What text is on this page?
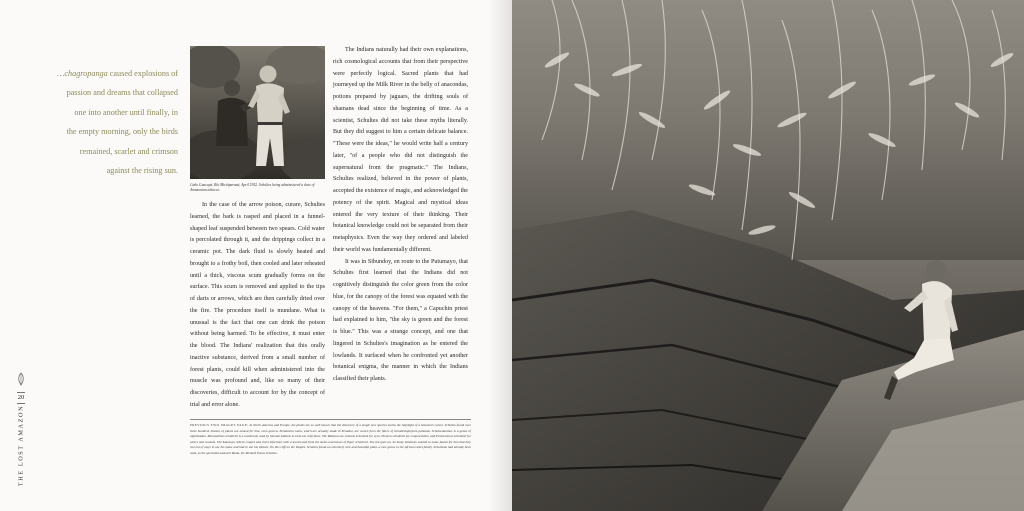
…chagropanga caused explosions of
passion and dreams that collapsed
one into another until finally, in
the empty morning, only the birds
remained, scarlet and crimson
against the rising sun.
Caño Guacayá, Río Miritiparaná, April 1952. Schultes being administered a dose of Amazonian tobacco.

In the case of the arrow poison, curare, Schultes learned, the bark is rasped and placed in a funnel-shaped leaf suspended between two spears. Cold water is percolated through it, and the drippings collect in a ceramic pot. The dark fluid is slowly heated and brought to a frothy boil, then cooled and later reheated until a thick, viscous scum gradually forms on the surface. This scum is removed and applied to the tips of darts or arrows, which are then carefully dried over the fire. The procedure itself is mundane. What is unusual is the fact that one can drink the poison without being harmed. To be effective, it must enter the blood. The Indians' realization that this orally inactive substance, derived from a small number of forest plants, could kill when administered into the muscle was profound and, like so many of their discoveries, difficult to account for by the concept of trial and error alone.

The Indians naturally had their own explanations, rich cosmological accounts that from their perspective were perfectly logical. Sacred plants that had journeyed up the Milk River in the belly of anacondas, potions prepared by jaguars, the drifting souls of shamans dead since the beginning of time. As a scientist, Schultes did not take these myths literally. But they did suggest to him a certain delicate balance. "These were the ideas," he would write half a century later, "of a people who did not distinguish the supernatural from the pragmatic." The Indians, Schultes realized, believed in the power of plants, accepted the existence of magic, and acknowledged the potency of the spirit. Magical and mystical ideas entered the very texture of their thinking. Their botanical knowledge could not be separated from their metaphysics. Even the way they ordered and labeled their world was fundamentally different.

It was in Sibundoy, en route to the Putumayo, that Schultes first learned that the Indians did not cognitively distinguish the color green from the color blue, for the canopy of the forest was equated with the canopy of the heavens. "For them," a Capuchin priest had explained to him, "the sky is green and the forest is blue." This was a strange concept, and one that lingered in Schultes's imagination as he entered the lowlands. It surfaced when he confronted yet another botanical enigma, the manner in which the Indians classified their plants.

20
THE LOST AMAZON	PREVIOUS TWO IMAGES PAGE: In North America and Europe, the plants are so well known that the discovery of a single new species marks the highlight of a botanist's career. Schultes found over three hundred. Dozens of plants are named for him, even genera. Pentamera lutea, which are actually made in Ecuador, are woven from the fibers of Schultesiophytum palmatis. Schultesianthus is a genus of nightshades. Maranatthus schultesii is a mushroom used by Sionani Indians to treat ear infections. The Makuna use Justicia schultesii for eyes, Pleurea schultesii for conjunctivitis, and Protorosinus schultesii for ulcers and wounds. The Kamsoya relieve coughs and chest infections with a tea brewed from the stems and leaves of Piper schultesii. The list goes on. So many botanists wanted to name plants for him that they ran out of ways to use his name and had to use his initials. On this cliff on the Vaupés, Schultes found an extremely rare and beautiful plant, a new genus in the African violet family. Schultesia had already been used, so the specialist named it Resia, for Richard Evans Schultes.
